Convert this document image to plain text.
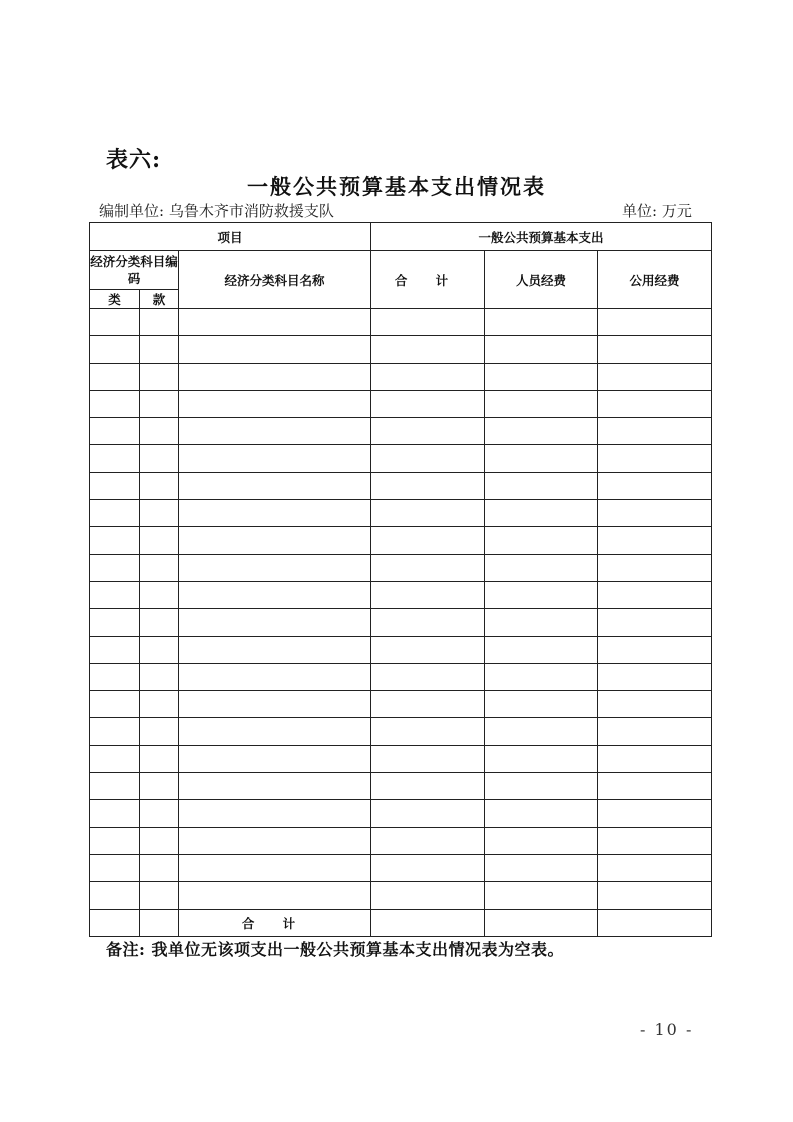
表六:
一般公共预算基本支出情况表
编制单位: 乌鲁木齐市消防救援支队	单位: 万元
项目			一般公共预算基本支出		
经济分类科目编码		经济分类科目名称	合 计	人员经费	公用经费
类	款				

		合 计			
备注: 我单位无该项支出一般公共预算基本支出情况表为空表。
- 10 -
